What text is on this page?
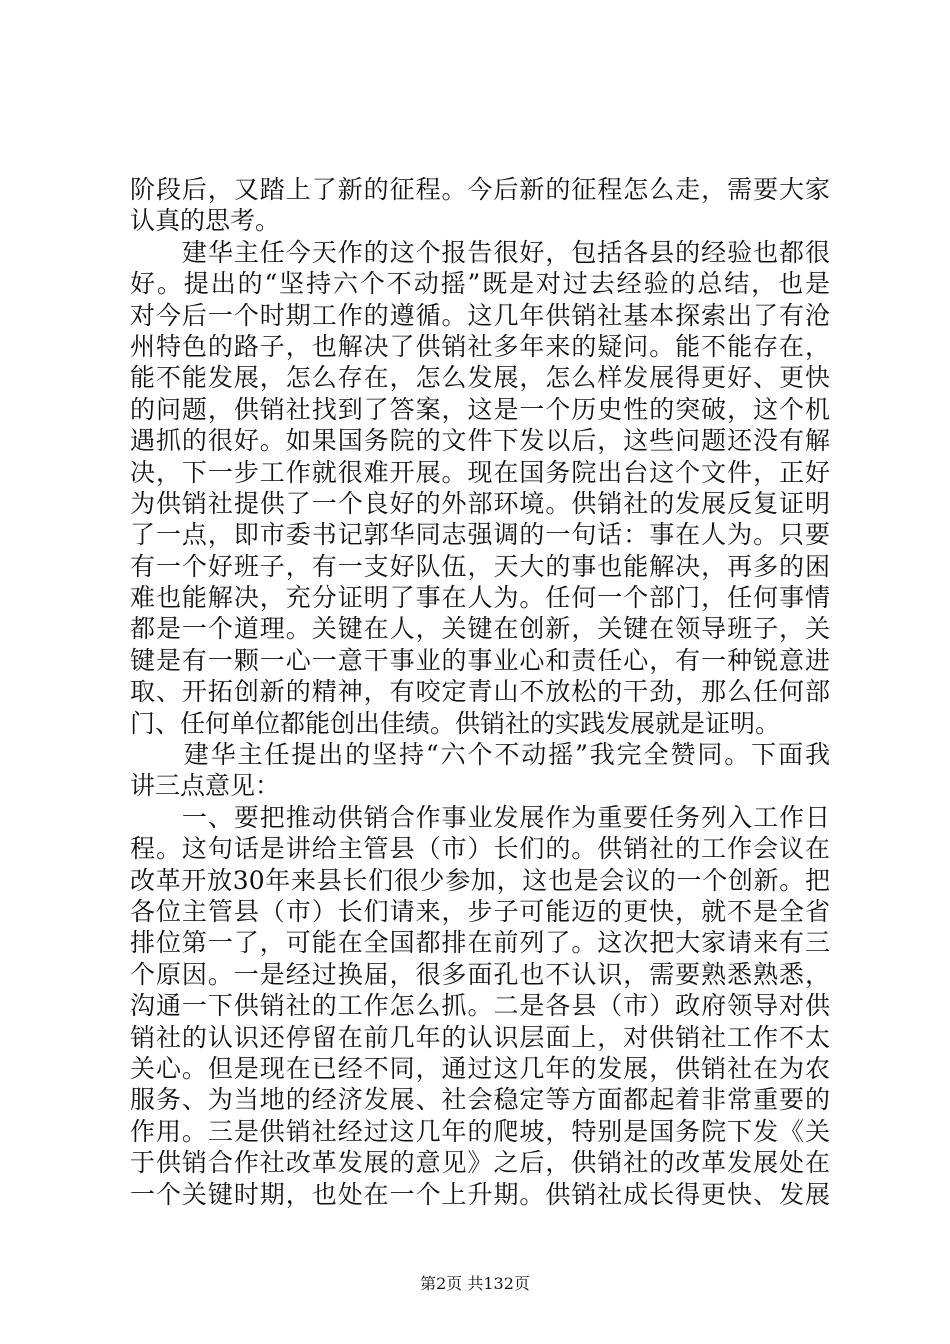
阶段后，又踏上了新的征程。今后新的征程怎么走，需要大家
认真的思考。
　　建华主任今天作的这个报告很好，包括各县的经验也都很
好。提出的“坚持六个不动摇”既是对过去经验的总结，也是
对今后一个时期工作的遵循。这几年供销社基本探索出了有沧
州特色的路子，也解决了供销社多年来的疑问。能不能存在，
能不能发展，怎么存在，怎么发展，怎么样发展得更好、更快
的问题，供销社找到了答案，这是一个历史性的突破，这个机
遇抓的很好。如果国务院的文件下发以后，这些问题还没有解
决，下一步工作就很难开展。现在国务院出台这个文件，正好
为供销社提供了一个良好的外部环境。供销社的发展反复证明
了一点，即市委书记郭华同志强调的一句话：事在人为。只要
有一个好班子，有一支好队伍，天大的事也能解决，再多的困
难也能解决，充分证明了事在人为。任何一个部门，任何事情
都是一个道理。关键在人，关键在创新，关键在领导班子，关
键是有一颗一心一意干事业的事业心和责任心，有一种锐意进
取、开拓创新的精神，有咬定青山不放松的干劲，那么任何部
门、任何单位都能创出佳绩。供销社的实践发展就是证明。
　　建华主任提出的坚持“六个不动摇”我完全赞同。下面我
讲三点意见：
　　一、要把推动供销合作事业发展作为重要任务列入工作日
程。这句话是讲给主管县（市）长们的。供销社的工作会议在
改革开放30年来县长们很少参加，这也是会议的一个创新。把
各位主管县（市）长们请来，步子可能迈的更快，就不是全省
排位第一了，可能在全国都排在前列了。这次把大家请来有三
个原因。一是经过换届，很多面孔也不认识，需要熟悉熟悉，
沟通一下供销社的工作怎么抓。二是各县（市）政府领导对供
销社的认识还停留在前几年的认识层面上，对供销社工作不太
关心。但是现在已经不同，通过这几年的发展，供销社在为农
服务、为当地的经济发展、社会稳定等方面都起着非常重要的
作用。三是供销社经过这几年的爬坡，特别是国务院下发《关
于供销合作社改革发展的意见》之后，供销社的改革发展处在
一个关键时期，也处在一个上升期。供销社成长得更快、发展
第2页 共132页
